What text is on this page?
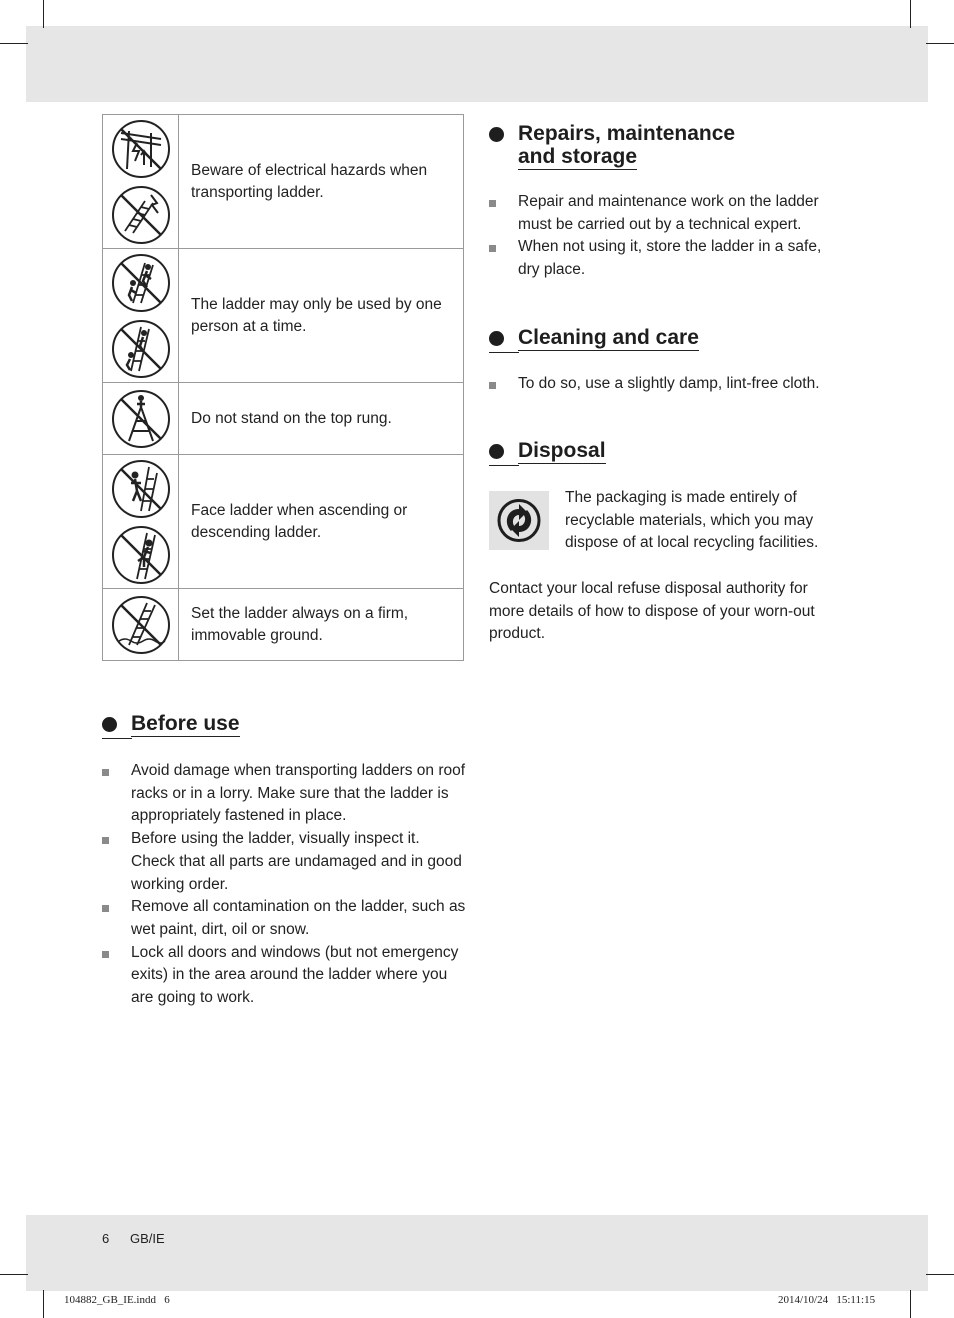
	Beware of electrical hazards when transporting ladder.

	The ladder may only be used by one person at a time.

	Do not stand on the top rung.

	Face ladder when ascending or descending ladder.

	Set the ladder always on a firm, immovable ground.
Before use
Avoid damage when transporting ladders on roof racks or in a lorry. Make sure that the ladder is appropriately fastened in place.
Before using the ladder, visually inspect it. Check that all parts are undamaged and in good working order.
Remove all contamination on the ladder, such as wet paint, dirt, oil or snow.
Lock all doors and windows (but not emergency exits) in the area around the ladder where you are going to work.
Repairs, maintenance
and storage
Repair and maintenance work on the ladder must be carried out by a technical expert.
When not using it, store the ladder in a safe, dry place.
Cleaning and care
To do so, use a slightly damp, lint-free cloth.
Disposal
The packaging is made entirely of recyclable materials, which you may dispose of at local recycling facilities.
Contact your local refuse disposal authority for more details of how to dispose of your worn-out product.
6 GB/IE
104882_GB_IE.indd   6	2014/10/24   15:11:15
